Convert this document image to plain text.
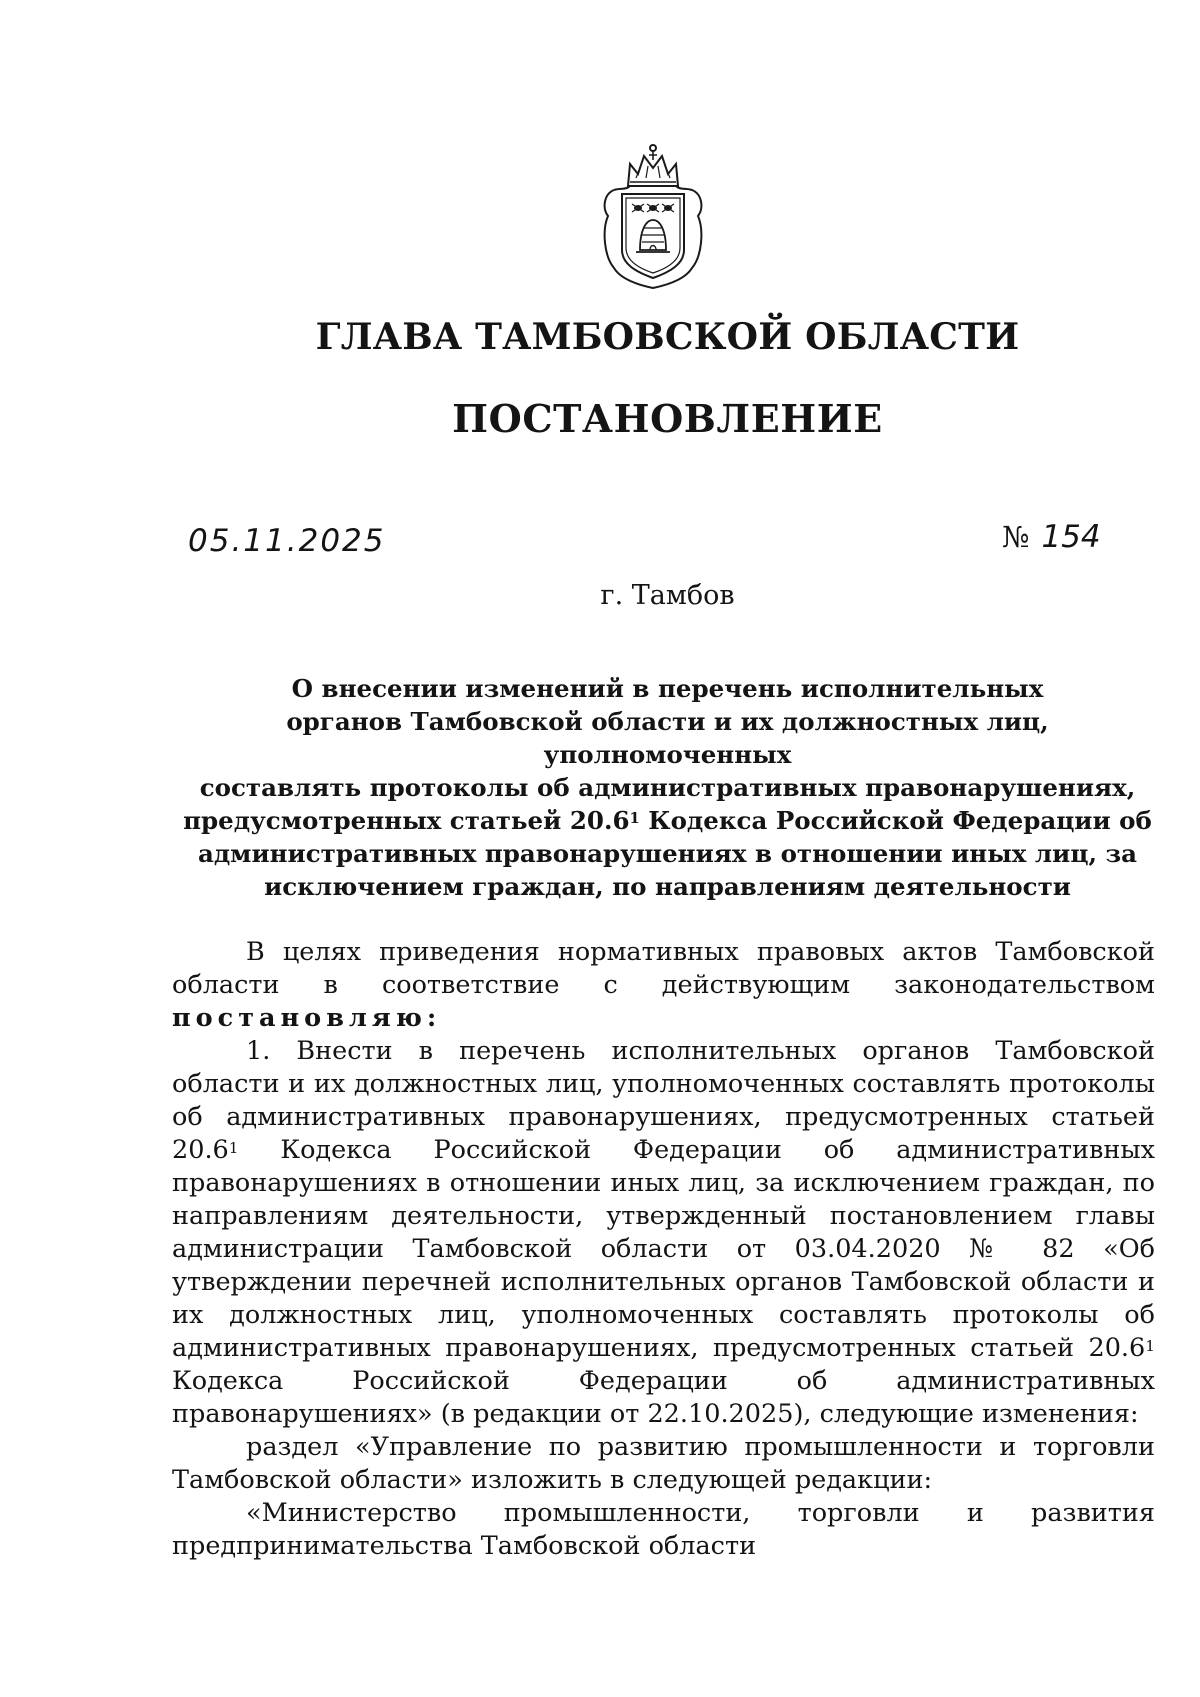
ГЛАВА ТАМБОВСКОЙ ОБЛАСТИ
ПОСТАНОВЛЕНИЕ
05.11.2025	№ 154
г. Тамбов
О внесении изменений в перечень исполнительных
органов Тамбовской области и их должностных лиц, уполномоченных
составлять протоколы об административных правонарушениях,
предусмотренных статьей 20.6$^1$ Кодекса Российской Федерации об
административных правонарушениях в отношении иных лиц, за
исключением граждан, по направлениям деятельности

В целях приведения нормативных правовых актов Тамбовской области в соответствие с действующим законодательством постановляю:

1. Внести в перечень исполнительных органов Тамбовской области и их должностных лиц, уполномоченных составлять протоколы об административных правонарушениях, предусмотренных статьей 20.6$^1$ Кодекса Российской Федерации об административных правонарушениях в отношении иных лиц, за исключением граждан, по направлениям деятельности, утвержденный постановлением главы администрации Тамбовской области от 03.04.2020 № 82 «Об утверждении перечней исполнительных органов Тамбовской области и их должностных лиц, уполномоченных составлять протоколы об административных правонарушениях, предусмотренных статьей 20.6$^1$ Кодекса Российской Федерации об административных правонарушениях» (в редакции от 22.10.2025), следующие изменения:

раздел «Управление по развитию промышленности и торговли Тамбовской области» изложить в следующей редакции:

«Министерство промышленности, торговли и развития предпринимательства Тамбовской области
